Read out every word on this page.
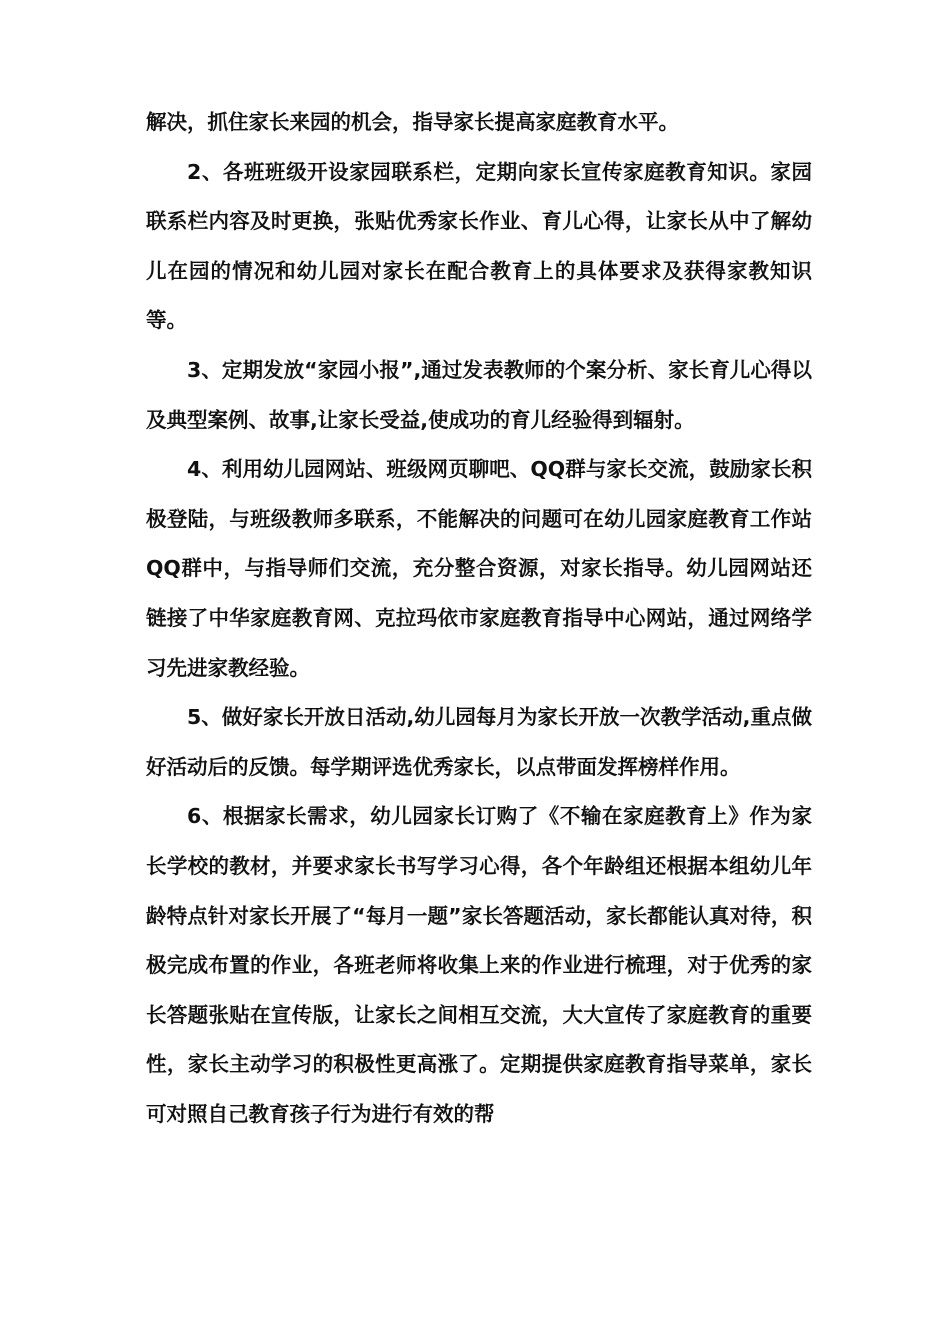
解决，抓住家长来园的机会，指导家长提高家庭教育水平。

2、各班班级开设家园联系栏，定期向家长宣传家庭教育知识。家园联系栏内容及时更换，张贴优秀家长作业、育儿心得，让家长从中了解幼儿在园的情况和幼儿园对家长在配合教育上的具体要求及获得家教知识等。

3、定期发放“家园小报”,通过发表教师的个案分析、家长育儿心得以及典型案例、故事,让家长受益,使成功的育儿经验得到辐射。

4、利用幼儿园网站、班级网页聊吧、QQ群与家长交流，鼓励家长积极登陆，与班级教师多联系，不能解决的问题可在幼儿园家庭教育工作站QQ群中，与指导师们交流，充分整合资源，对家长指导。幼儿园网站还链接了中华家庭教育网、克拉玛依市家庭教育指导中心网站，通过网络学习先进家教经验。

5、做好家长开放日活动,幼儿园每月为家长开放一次教学活动,重点做好活动后的反馈。每学期评选优秀家长，以点带面发挥榜样作用。

6、根据家长需求，幼儿园家长订购了《不输在家庭教育上》作为家长学校的教材，并要求家长书写学习心得，各个年龄组还根据本组幼儿年龄特点针对家长开展了“每月一题”家长答题活动，家长都能认真对待，积极完成布置的作业，各班老师将收集上来的作业进行梳理，对于优秀的家长答题张贴在宣传版，让家长之间相互交流，大大宣传了家庭教育的重要性，家长主动学习的积极性更高涨了。定期提供家庭教育指导菜单，家长可对照自己教育孩子行为进行有效的帮
